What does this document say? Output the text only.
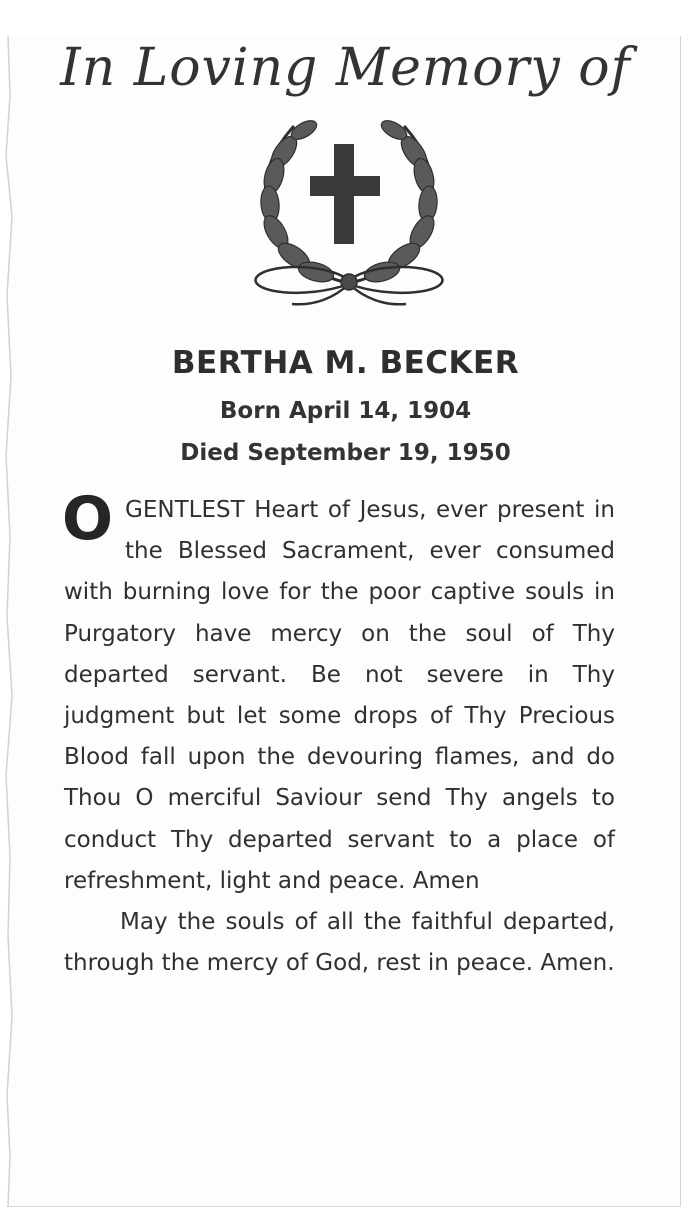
In Loving Memory of
BERTHA M. BECKER
Born April 14, 1904
Died September 19, 1950

O GENTLEST Heart of Jesus, ever present in the Blessed Sacrament, ever consumed with burning love for the poor captive souls in Purgatory have mercy on the soul of Thy departed servant. Be not severe in Thy judgment but let some drops of Thy Precious Blood fall upon the devouring flames, and do Thou O merciful Saviour send Thy angels to conduct Thy departed servant to a place of refreshment, light and peace. Amen

May the souls of all the faithful departed, through the mercy of God, rest in peace. Amen.
